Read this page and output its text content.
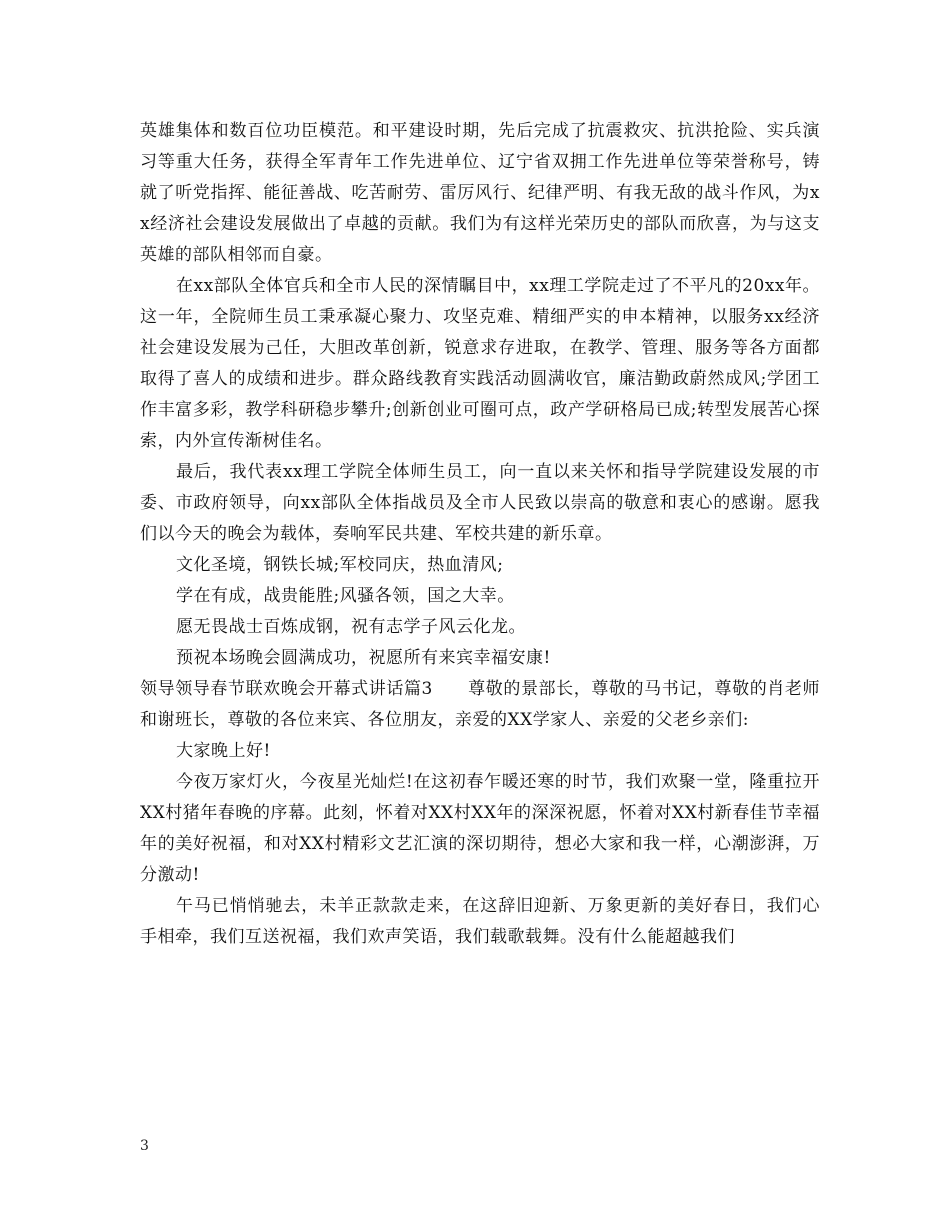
英雄集体和数百位功臣模范。和平建设时期，先后完成了抗震救灾、抗洪抢险、实兵演习等重大任务，获得全军青年工作先进单位、辽宁省双拥工作先进单位等荣誉称号，铸就了听党指挥、能征善战、吃苦耐劳、雷厉风行、纪律严明、有我无敌的战斗作风，为xx经济社会建设发展做出了卓越的贡献。我们为有这样光荣历史的部队而欣喜，为与这支英雄的部队相邻而自豪。

在xx部队全体官兵和全市人民的深情瞩目中，xx理工学院走过了不平凡的20xx年。这一年，全院师生员工秉承凝心聚力、攻坚克难、精细严实的申本精神，以服务xx经济社会建设发展为己任，大胆改革创新，锐意求存进取，在教学、管理、服务等各方面都取得了喜人的成绩和进步。群众路线教育实践活动圆满收官，廉洁勤政蔚然成风;学团工作丰富多彩，教学科研稳步攀升;创新创业可圈可点，政产学研格局已成;转型发展苦心探索，内外宣传渐树佳名。

最后，我代表xx理工学院全体师生员工，向一直以来关怀和指导学院建设发展的市委、市政府领导，向xx部队全体指战员及全市人民致以崇高的敬意和衷心的感谢。愿我们以今天的晚会为载体，奏响军民共建、军校共建的新乐章。

文化圣境，钢铁长城;军校同庆，热血清风;

学在有成，战贵能胜;风骚各领，国之大幸。

愿无畏战士百炼成钢，祝有志学子风云化龙。

预祝本场晚会圆满成功，祝愿所有来宾幸福安康!

领导领导春节联欢晚会开幕式讲话篇3　　尊敬的景部长，尊敬的马书记，尊敬的肖老师和谢班长，尊敬的各位来宾、各位朋友，亲爱的XX学家人、亲爱的父老乡亲们:

大家晚上好!

今夜万家灯火，今夜星光灿烂!在这初春乍暖还寒的时节，我们欢聚一堂，隆重拉开XX村猪年春晚的序幕。此刻，怀着对XX村XX年的深深祝愿，怀着对XX村新春佳节幸福年的美好祝福，和对XX村精彩文艺汇演的深切期待，想必大家和我一样，心潮澎湃，万分激动!

午马已悄悄驰去，未羊正款款走来，在这辞旧迎新、万象更新的美好春日，我们心手相牵，我们互送祝福，我们欢声笑语，我们载歌载舞。没有什么能超越我们

3
